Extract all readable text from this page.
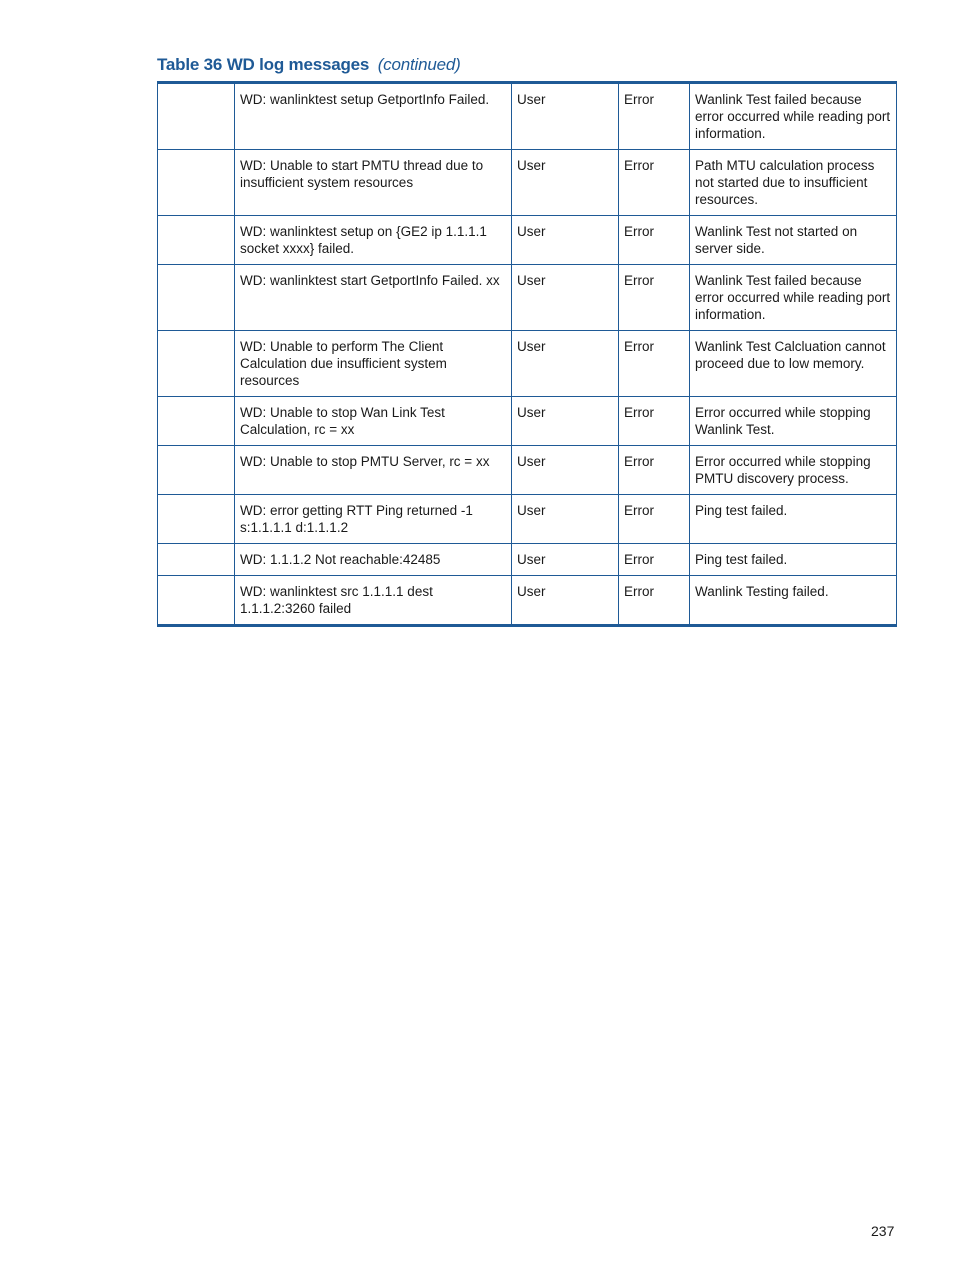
Table 36 WD log messages (continued)
	WD: wanlinktest setup GetportInfo Failed.	User	Error	Wanlink Test failed because error occurred while reading port information.
	WD: Unable to start PMTU thread due to insufficient system resources	User	Error	Path MTU calculation process not started due to insufficient resources.
	WD: wanlinktest setup on {GE2 ip 1.1.1.1 socket xxxx} failed.	User	Error	Wanlink Test not started on server side.
	WD: wanlinktest start GetportInfo Failed. xx	User	Error	Wanlink Test failed because error occurred while reading port information.
	WD: Unable to perform The Client Calculation due insufficient system resources	User	Error	Wanlink Test Calcluation cannot proceed due to low memory.
	WD: Unable to stop Wan Link Test Calculation, rc = xx	User	Error	Error occurred while stopping Wanlink Test.
	WD: Unable to stop PMTU Server, rc = xx	User	Error	Error occurred while stopping PMTU discovery process.
	WD: error getting RTT Ping returned -1 s:1.1.1.1 d:1.1.1.2	User	Error	Ping test failed.
	WD: 1.1.1.2 Not reachable:42485	User	Error	Ping test failed.
	WD: wanlinktest src 1.1.1.1 dest 1.1.1.2:3260 failed	User	Error	Wanlink Testing failed.
237
